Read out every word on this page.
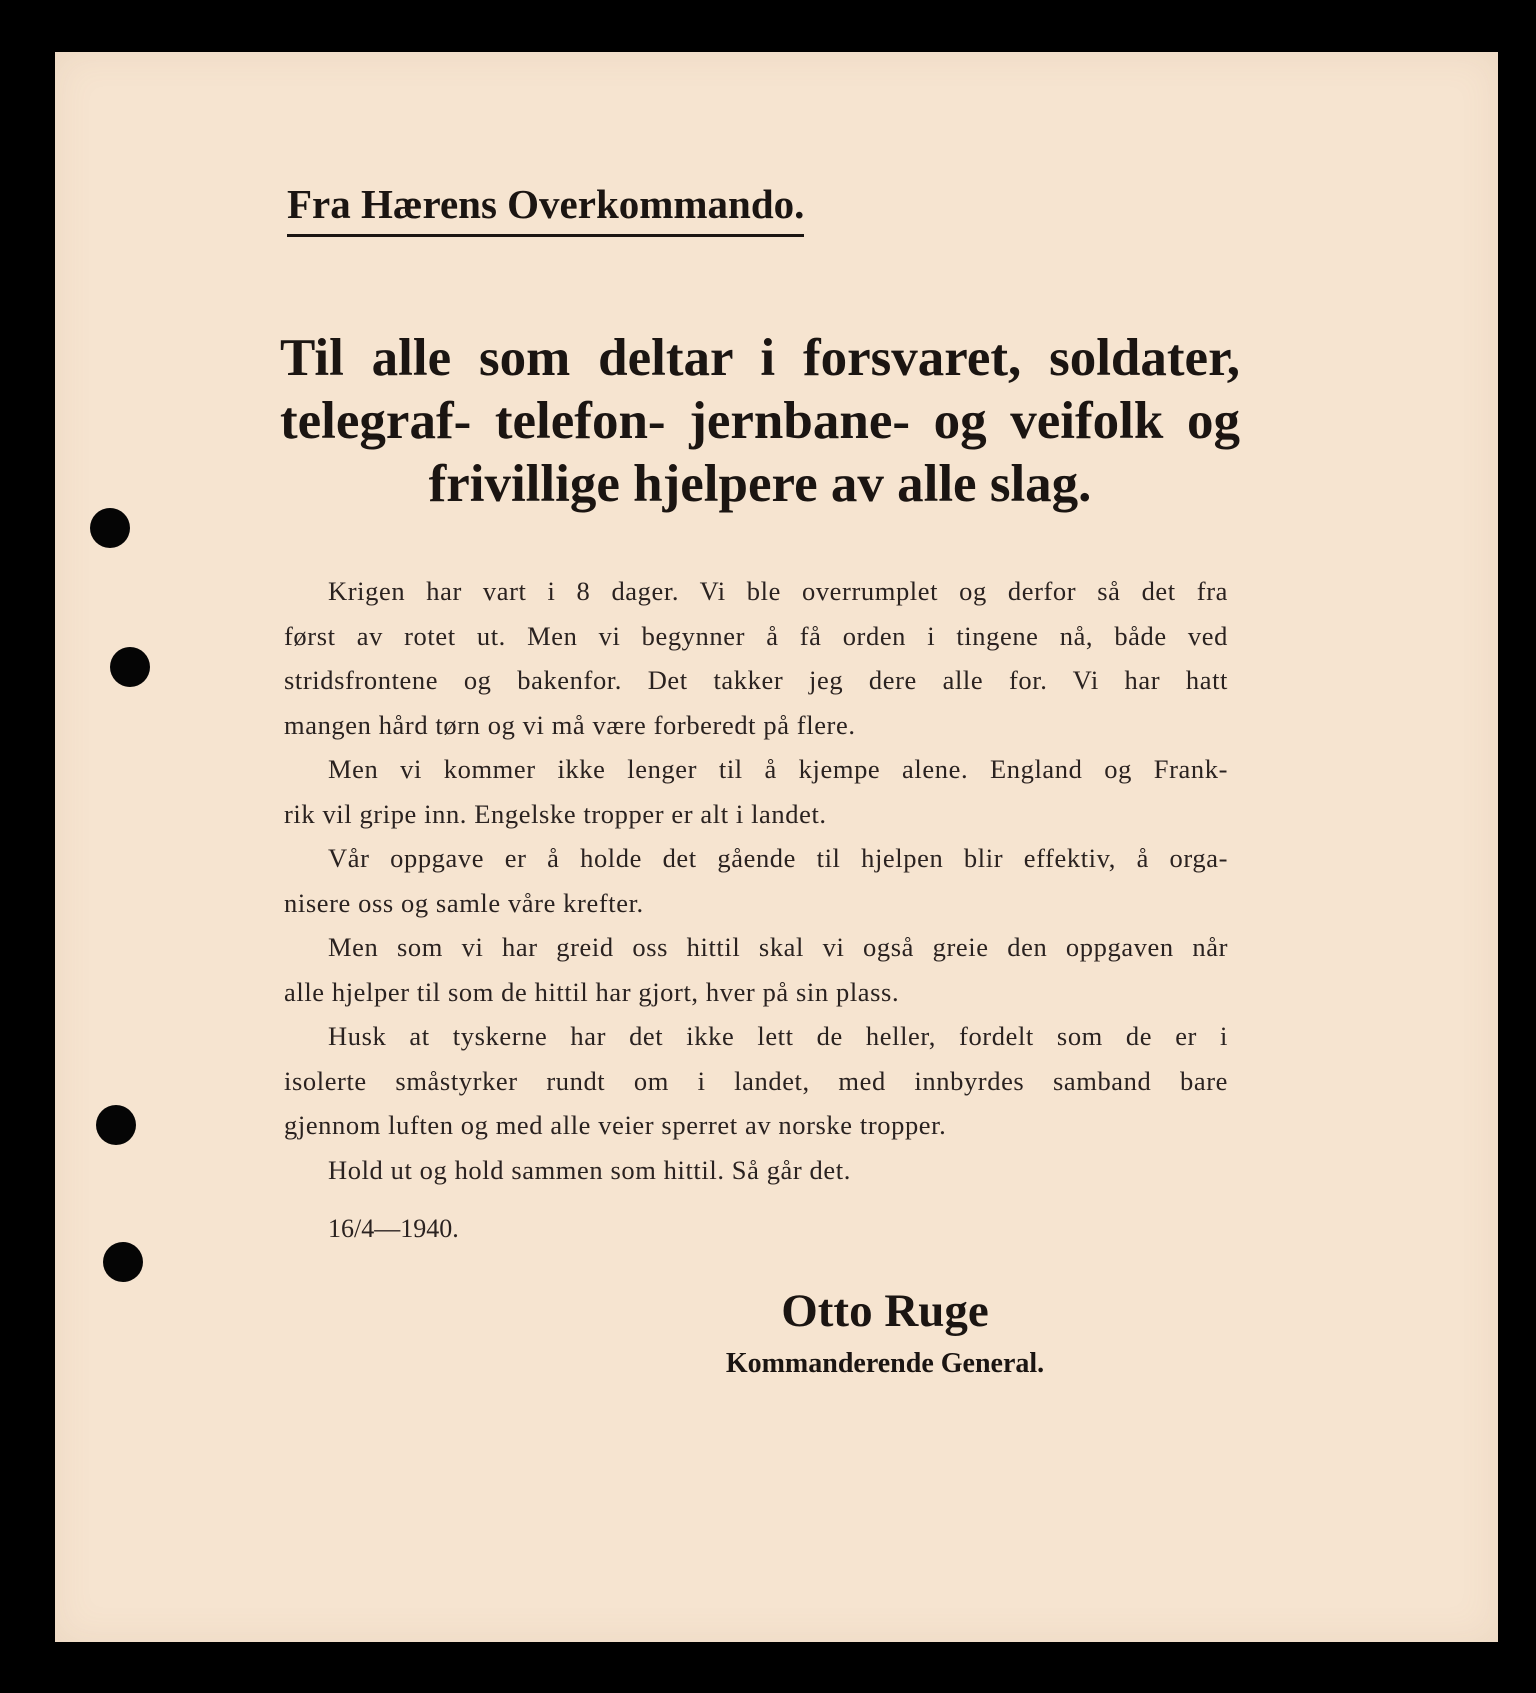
Fra Hærens Overkommando.
Til alle som deltar i forsvaret, soldater,
telegraf- telefon- jernbane- og veifolk og
frivillige hjelpere av alle slag.

Krigen har vart i 8 dager. Vi ble overrumplet og derfor så det fra
først av rotet ut. Men vi begynner å få orden i tingene nå, både ved
stridsfrontene og bakenfor. Det takker jeg dere alle for. Vi har hatt
mangen hård tørn og vi må være forberedt på flere.

Men vi kommer ikke lenger til å kjempe alene. England og Frank-
rik vil gripe inn. Engelske tropper er alt i landet.

Vår oppgave er å holde det gående til hjelpen blir effektiv, å orga-
nisere oss og samle våre krefter.

Men som vi har greid oss hittil skal vi også greie den oppgaven når
alle hjelper til som de hittil har gjort, hver på sin plass.

Husk at tyskerne har det ikke lett de heller, fordelt som de er i
isolerte småstyrker rundt om i landet, med innbyrdes samband bare
gjennom luften og med alle veier sperret av norske tropper.

Hold ut og hold sammen som hittil. Så går det.

16/4—1940.
Otto Ruge
Kommanderende General.
